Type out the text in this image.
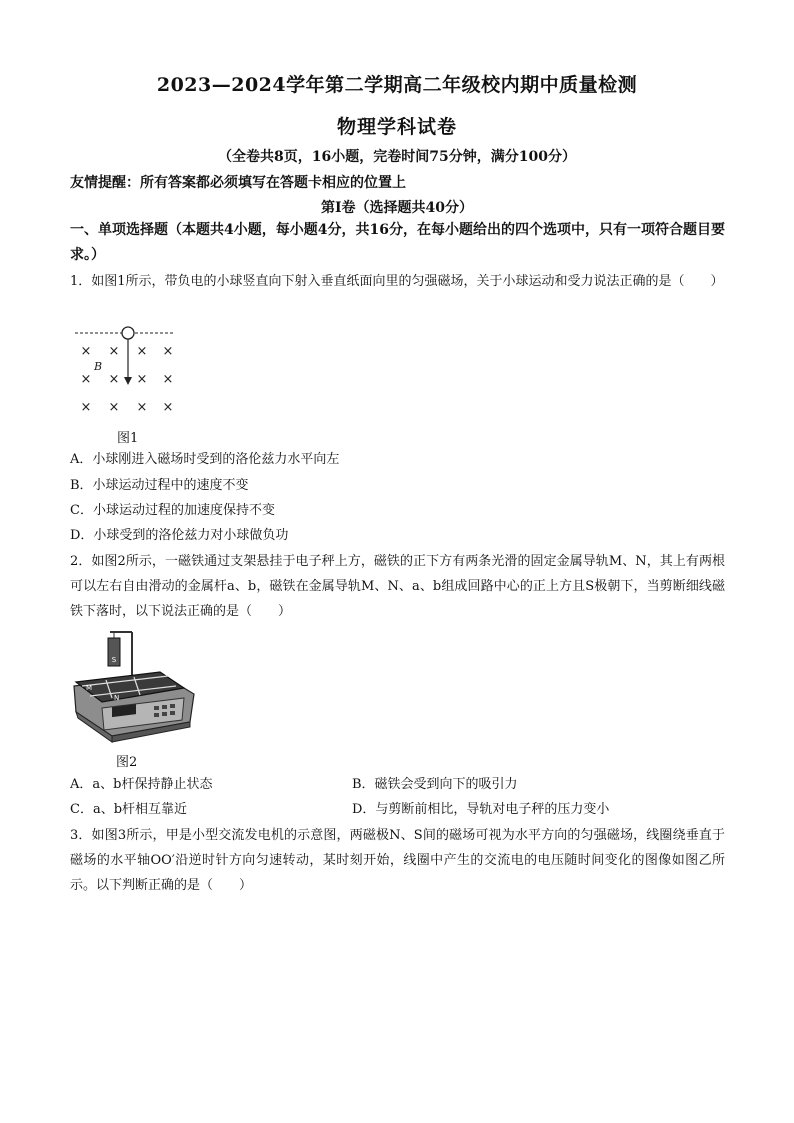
2023—2024学年第二学期高二年级校内期中质量检测
物理学科试卷
（全卷共8页，16小题，完卷时间75分钟，满分100分）
友情提醒：所有答案都必须填写在答题卡相应的位置上
第Ⅰ卷（选择题共40分）
一、单项选择题（本题共4小题，每小题4分，共16分，在每小题给出的四个选项中，只有一项符合题目要求。）
1．如图1所示，带负电的小球竖直向下射入垂直纸面向里的匀强磁场，关于小球运动和受力说法正确的是（　　）
× × × ×
× × × ×
× × × ×
B
图1
A．小球刚进入磁场时受到的洛伦兹力水平向左
B．小球运动过程中的速度不变
C．小球运动过程的加速度保持不变
D．小球受到的洛伦兹力对小球做负功
2．如图2所示，一磁铁通过支架悬挂于电子秤上方，磁铁的正下方有两条光滑的固定金属导轨M、N，其上有两根可以左右自由滑动的金属杆a、b，磁铁在金属导轨M、N、a、b组成回路中心的正上方且S极朝下，当剪断细线磁铁下落时，以下说法正确的是（　　）
S
M
N
图2
A．a、b杆保持静止状态	B．磁铁会受到向下的吸引力
C．a、b杆相互靠近	D．与剪断前相比，导轨对电子秤的压力变小
3．如图3所示，甲是小型交流发电机的示意图，两磁极N、S间的磁场可视为水平方向的匀强磁场，线圈绕垂直于磁场的水平轴OO′沿逆时针方向匀速转动，某时刻开始，线圈中产生的交流电的电压随时间变化的图像如图乙所示。以下判断正确的是（　　）
